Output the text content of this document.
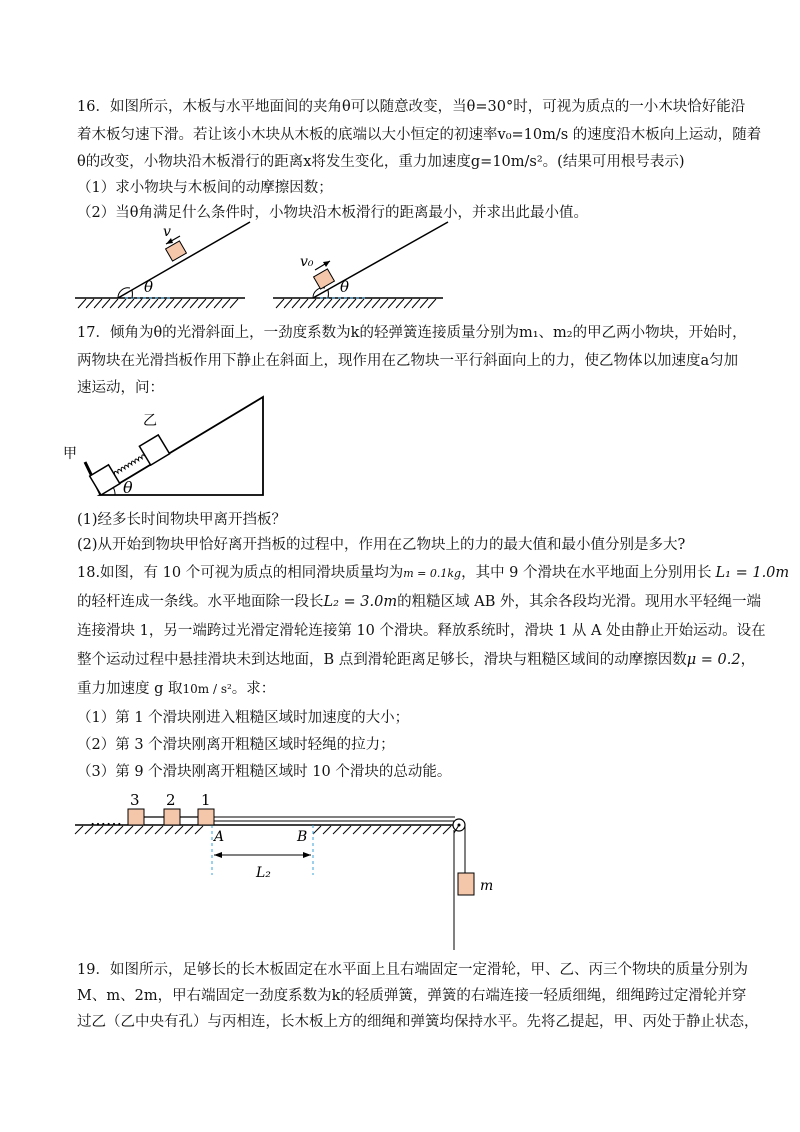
16．如图所示，木板与水平地面间的夹角θ可以随意改变，当θ=30°时，可视为质点的一小木块恰好能沿
着木板匀速下滑。若让该小木块从木板的底端以大小恒定的初速率v₀=10m/s 的速度沿木板向上运动，随着
θ的改变，小物块沿木板滑行的距离x将发生变化，重力加速度g=10m/s²。(结果可用根号表示)
（1）求小物块与木板间的动摩擦因数；
（2）当θ角满足什么条件时，小物块沿木板滑行的距离最小，并求出此最小值。
v
θ
v₀
θ
17．倾角为θ的光滑斜面上，一劲度系数为k的轻弹簧连接质量分别为m₁、m₂的甲乙两小物块，开始时，
两物块在光滑挡板作用下静止在斜面上，现作用在乙物块一平行斜面向上的力，使乙物体以加速度a匀加
速运动，问：
θ
甲
乙
(1)经多长时间物块甲离开挡板？
(2)从开始到物块甲恰好离开挡板的过程中，作用在乙物块上的力的最大值和最小值分别是多大?
18.如图，有 10 个可视为质点的相同滑块质量均为m = 0.1kg，其中 9 个滑块在水平地面上分别用长 L₁ = 1.0m
的轻杆连成一条线。水平地面除一段长L₂ = 3.0m的粗糙区域 AB 外，其余各段均光滑。现用水平轻绳一端
连接滑块 1，另一端跨过光滑定滑轮连接第 10 个滑块。释放系统时，滑块 1 从 A 处由静止开始运动。设在
整个运动过程中悬挂滑块未到达地面，B 点到滑轮距离足够长，滑块与粗糙区域间的动摩擦因数μ = 0.2，
重力加速度 g 取10m / s²。求：
（1）第 1 个滑块刚进入粗糙区域时加速度的大小；
（2）第 3 个滑块刚离开粗糙区域时轻绳的拉力；
（3）第 9 个滑块刚离开粗糙区域时 10 个滑块的总动能。
……
3 2 1
A	B
L₂
m
19．如图所示，足够长的长木板固定在水平面上且右端固定一定滑轮，甲、乙、丙三个物块的质量分别为
M、m、2m，甲右端固定一劲度系数为k的轻质弹簧，弹簧的右端连接一轻质细绳，细绳跨过定滑轮并穿
过乙（乙中央有孔）与丙相连，长木板上方的细绳和弹簧均保持水平。先将乙提起，甲、丙处于静止状态，
